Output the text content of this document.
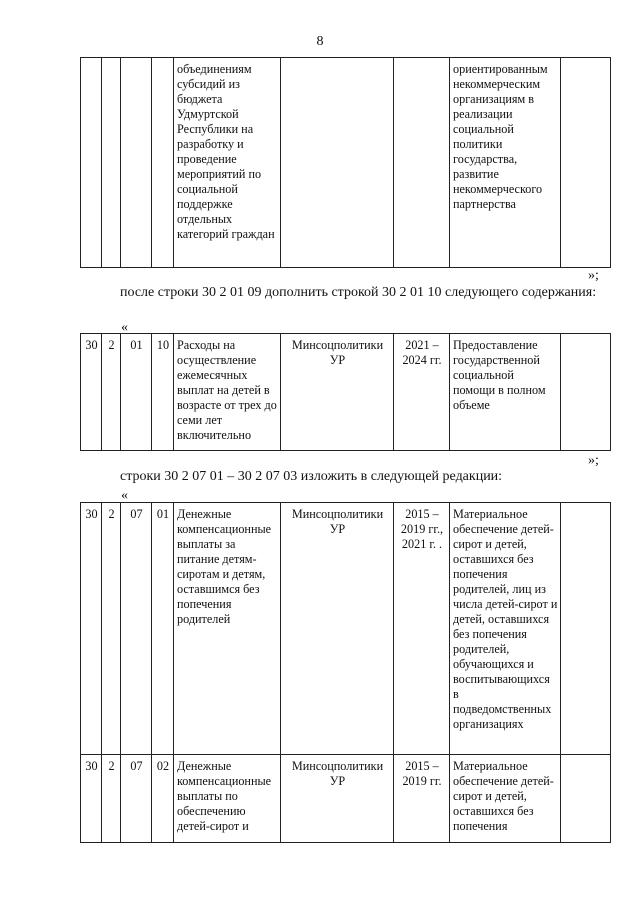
8
				объединениям субсидий из бюджета Удмуртской Республики на разработку и проведение мероприятий по социальной поддержке отдельных категорий граждан			ориентированным некоммерческим организациям в реализации социальной политики государства, развитие некоммерческого партнерства	
»;
после строки 30 2 01 09 дополнить строкой 30 2 01 10 следующего содержания:
«
30	2	01	10	Расходы на осуществление ежемесячных выплат на детей в возрасте от трех до семи лет включительно	Минсоцполитики УР	2021 – 2024 гг.	Предоставление государственной социальной помощи в полном объеме	
»;
строки 30 2 07 01 – 30 2 07 03 изложить в следующей редакции:
«
30	2	07	01	Денежные компенсационные выплаты за питание детям-сиротам и детям, оставшимся без попечения родителей	Минсоцполитики УР	2015 – 2019 гг., 2021 г. .	Материальное обеспечение детей-сирот и детей, оставшихся без попечения родителей, лиц из числа детей-сирот и детей, оставшихся без попечения родителей, обучающихся и воспитывающихся в подведомственных организациях	
30	2	07	02	Денежные компенсационные выплаты по обеспечению детей-сирот и	Минсоцполитики УР	2015 – 2019 гг.	Материальное обеспечение детей-сирот и детей, оставшихся без попечения	
